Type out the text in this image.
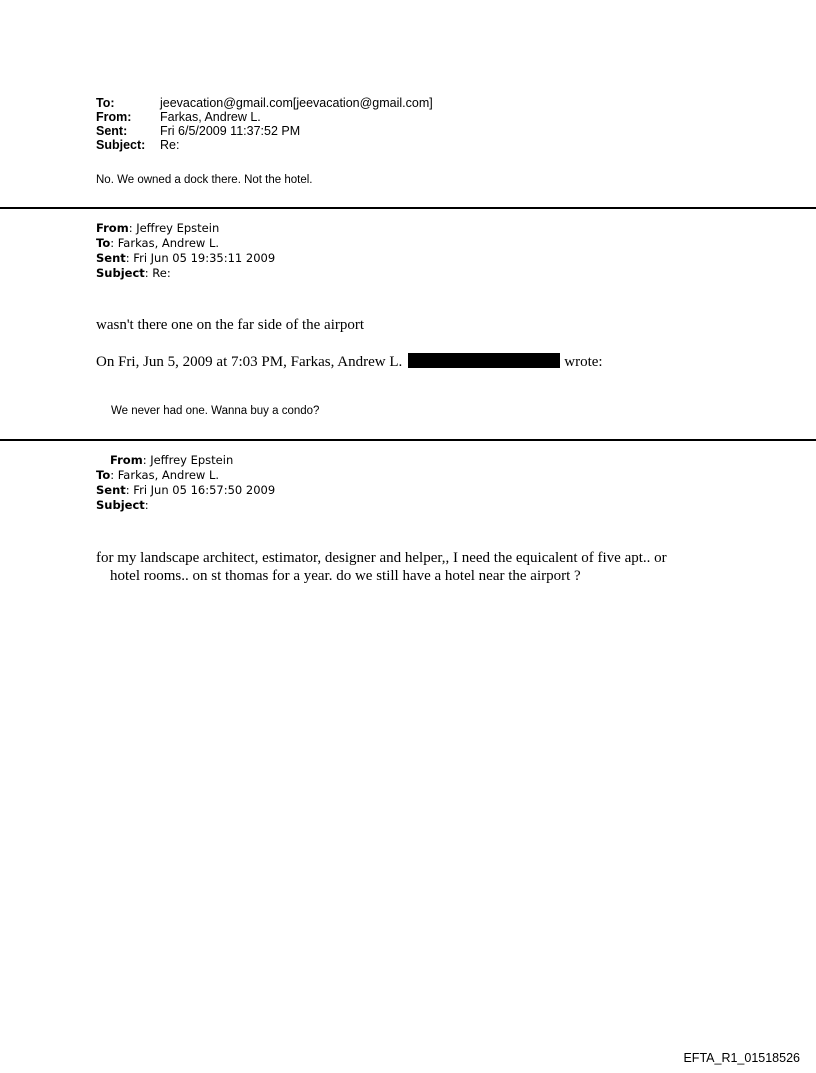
To:	jeevacation@gmail.com[jeevacation@gmail.com]
From:	Farkas, Andrew L.
Sent:	Fri 6/5/2009 11:37:52 PM
Subject:	Re:
No. We owned a dock there. Not the hotel.
From: Jeffrey Epstein
To: Farkas, Andrew L.
Sent: Fri Jun 05 19:35:11 2009
Subject: Re:
wasn't there one on the far side of the airport
On Fri, Jun 5, 2009 at 7:03 PM, Farkas, Andrew L.	wrote:
We never had one. Wanna buy a condo?
From: Jeffrey Epstein
To: Farkas, Andrew L.
Sent: Fri Jun 05 16:57:50 2009
Subject:
for my landscape architect, estimator, designer and helper,, I need the equicalent of five apt.. or
hotel rooms.. on st thomas for a year. do we still have a hotel near the airport ?
EFTA_R1_01518526
